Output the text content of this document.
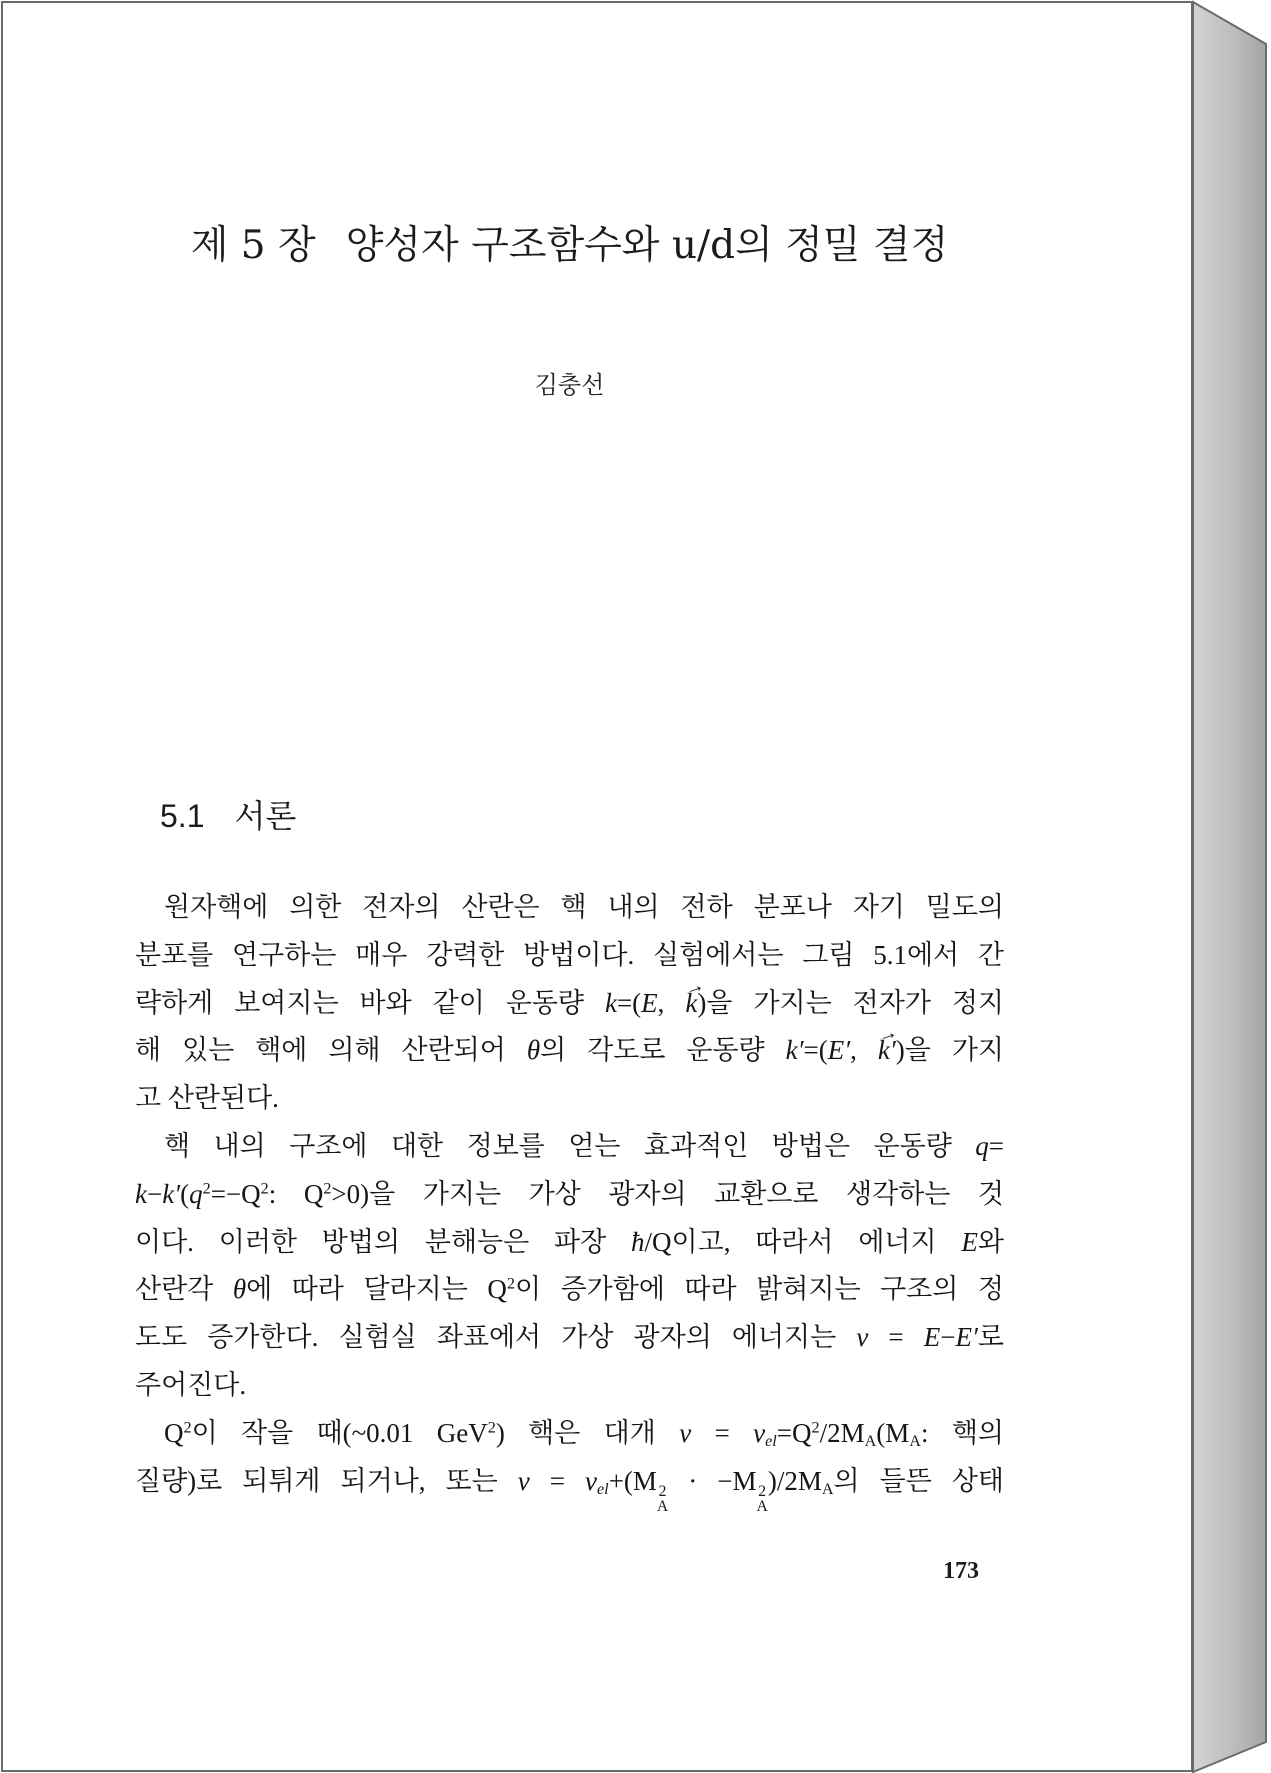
제 5 장 양성자 구조함수와 u/d의 정밀 결정
김충선
5.1 서론
원자핵에 의한 전자의 산란은 핵 내의 전하 분포나 자기 밀도의
분포를 연구하는 매우 강력한 방법이다. 실험에서는 그림 5.1에서 간
략하게 보여지는 바와 같이 운동량 k=(E, → k)을 가지는 전자가 정지
해 있는 핵에 의해 산란되어 θ의 각도로 운동량 k′=(E′, → k′)을 가지
고 산란된다.
핵 내의 구조에 대한 정보를 얻는 효과적인 방법은 운동량 q=
$k-k'(q^2=-Q^2$: $Q^2>0$)을 가지는 가상 광자의 교환으로 생각하는 것
이다. 이러한 방법의 분해능은 파장 ħ/Q이고, 따라서 에너지 E와
산란각 θ에 따라 달라지는 $Q^2$이 증가함에 따라 밝혀지는 구조의 정
도도 증가한다. 실험실 좌표에서 가상 광자의 에너지는 ν = E−E′로
주어진다.
$Q^2$이 작을 때(~0.01 GeV$^2$) 핵은 대개 $\nu = \nu el=Q^2/2MA(MA$: 핵의
질량)로 되튀게 되거나, 또는 ν = νel+(M 2
A
· −M 2
A
)/2MA의 들뜬 상태
173
